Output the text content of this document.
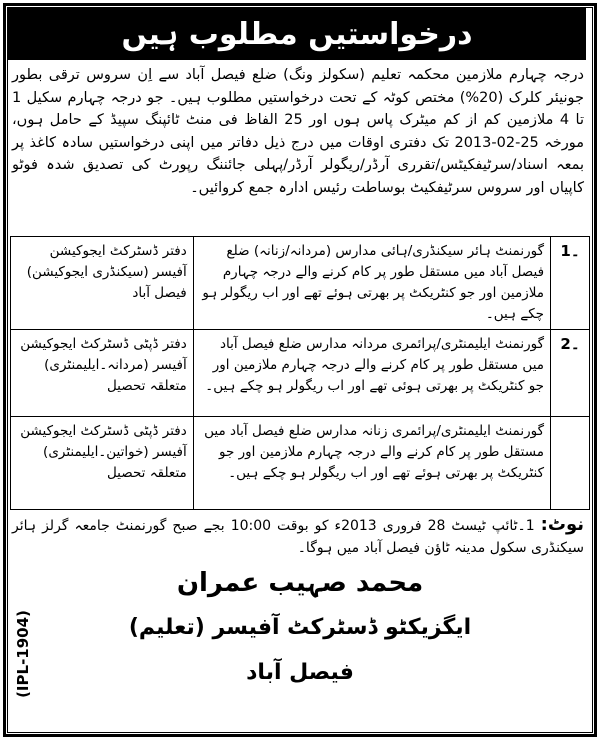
درخواستیں مطلوب ہیں

درجہ چہارم ملازمین محکمہ تعلیم (سکولز ونگ) ضلع فیصل آباد سے اِن سروس ترقی بطور جونیئر کلرک (20%) مختص کوٹہ کے تحت درخواستیں مطلوب ہیں۔ جو درجہ چہارم سکیل 1 تا 4 ملازمین کم از کم میٹرک پاس ہوں اور 25 الفاظ فی منٹ ٹائپنگ سپیڈ کے حامل ہوں، مورخہ 25-02-2013 تک دفتری اوقات میں درج ذیل دفاتر میں اپنی درخواستیں سادہ کاغذ پر بمعہ اسناد/سرٹیفکیٹس/تقرری آرڈر/ریگولر آرڈر/پہلی جائننگ رپورٹ کی تصدیق شدہ فوٹو کاپیاں اور سروس سرٹیفکیٹ بوساطت رئیس ادارہ جمع کروائیں۔

1۔	گورنمنٹ ہائر سیکنڈری/ہائی مدارس (مردانہ/زنانہ) ضلع فیصل آباد میں مستقل طور پر کام کرنے والے درجہ چہارم ملازمین اور جو کنٹریکٹ پر بھرتی ہوئے تھے اور اب ریگولر ہو چکے ہیں۔	دفتر ڈسٹرکٹ ایجوکیشن آفیسر (سیکنڈری ایجوکیشن) فیصل آباد
2۔	گورنمنٹ ایلیمنٹری/پرائمری مردانہ مدارس ضلع فیصل آباد میں مستقل طور پر کام کرنے والے درجہ چہارم ملازمین اور جو کنٹریکٹ پر بھرتی ہوئی تھے اور اب ریگولر ہو چکے ہیں۔	دفتر ڈپٹی ڈسٹرکٹ ایجوکیشن آفیسر (مردانہ۔ایلیمنٹری) متعلقہ تحصیل
	گورنمنٹ ایلیمنٹری/پرائمری زنانہ مدارس ضلع فیصل آباد میں مستقل طور پر کام کرنے والے درجہ چہارم ملازمین اور جو کنٹریکٹ پر بھرتی ہوئے تھے اور اب ریگولر ہو چکے ہیں۔	دفتر ڈپٹی ڈسٹرکٹ ایجوکیشن آفیسر (خواتین۔ایلیمنٹری) متعلقہ تحصیل
نوٹ: 1۔ٹائپ ٹیسٹ 28 فروری 2013ء کو بوقت 10:00 بجے صبح گورنمنٹ جامعہ گرلز ہائر سیکنڈری سکول مدینہ ٹاؤن فیصل آباد میں ہوگا۔
محمد صہیب عمران
ایگزیکٹو ڈسٹرکٹ آفیسر (تعلیم)
فیصل آباد
(IPL-1904)
